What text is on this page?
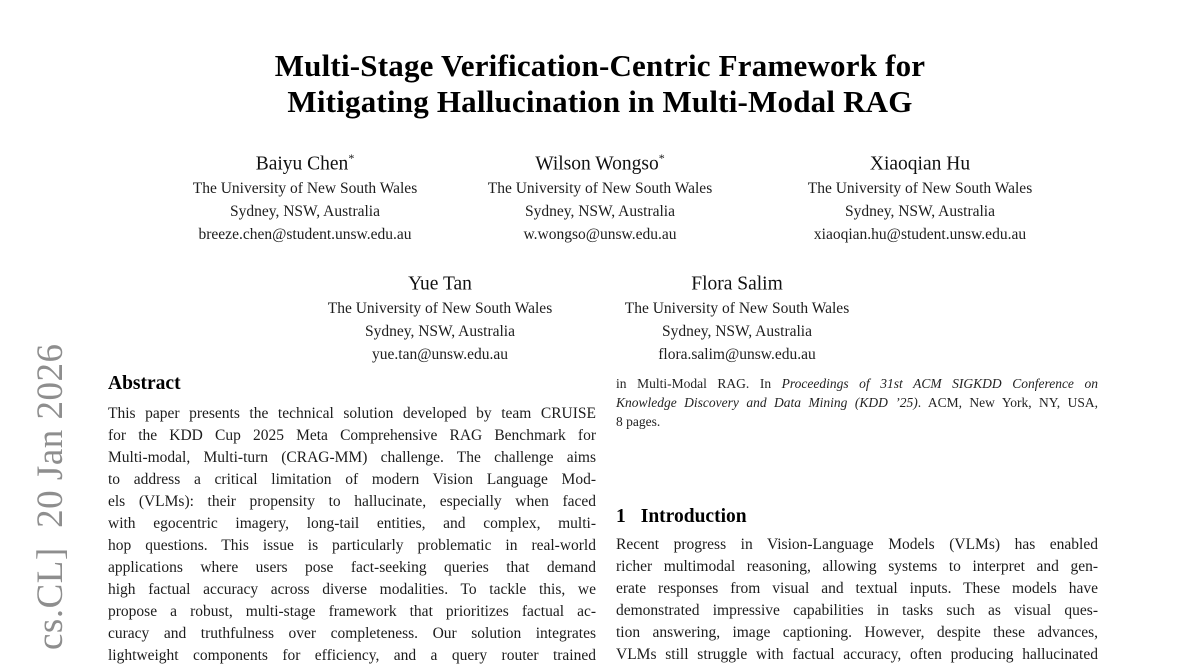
cs.CL]  20 Jan 2026
Multi-Stage Verification-Centric Framework for
Mitigating Hallucination in Multi-Modal RAG
Baiyu Chen*
The University of New South Wales
Sydney, NSW, Australia
breeze.chen@student.unsw.edu.au
Wilson Wongso*
The University of New South Wales
Sydney, NSW, Australia
w.wongso@unsw.edu.au
Xiaoqian Hu
The University of New South Wales
Sydney, NSW, Australia
xiaoqian.hu@student.unsw.edu.au
Yue Tan
The University of New South Wales
Sydney, NSW, Australia
yue.tan@unsw.edu.au
Flora Salim
The University of New South Wales
Sydney, NSW, Australia
flora.salim@unsw.edu.au
Abstract
This paper presents the technical solution developed by team CRUISE
for the KDD Cup 2025 Meta Comprehensive RAG Benchmark for
Multi-modal, Multi-turn (CRAG-MM) challenge. The challenge aims
to address a critical limitation of modern Vision Language Mod-
els (VLMs): their propensity to hallucinate, especially when faced
with egocentric imagery, long-tail entities, and complex, multi-
hop questions. This issue is particularly problematic in real-world
applications where users pose fact-seeking queries that demand
high factual accuracy across diverse modalities. To tackle this, we
propose a robust, multi-stage framework that prioritizes factual ac-
curacy and truthfulness over completeness. Our solution integrates
lightweight components for efficiency, and a query router trained
in Multi-Modal RAG. In Proceedings of 31st ACM SIGKDD Conference on
Knowledge Discovery and Data Mining (KDD ’25). ACM, New York, NY, USA,
8 pages.
1 Introduction
Recent progress in Vision-Language Models (VLMs) has enabled
richer multimodal reasoning, allowing systems to interpret and gen-
erate responses from visual and textual inputs. These models have
demonstrated impressive capabilities in tasks such as visual ques-
tion answering, image captioning. However, despite these advances,
VLMs still struggle with factual accuracy, often producing hallucinated
